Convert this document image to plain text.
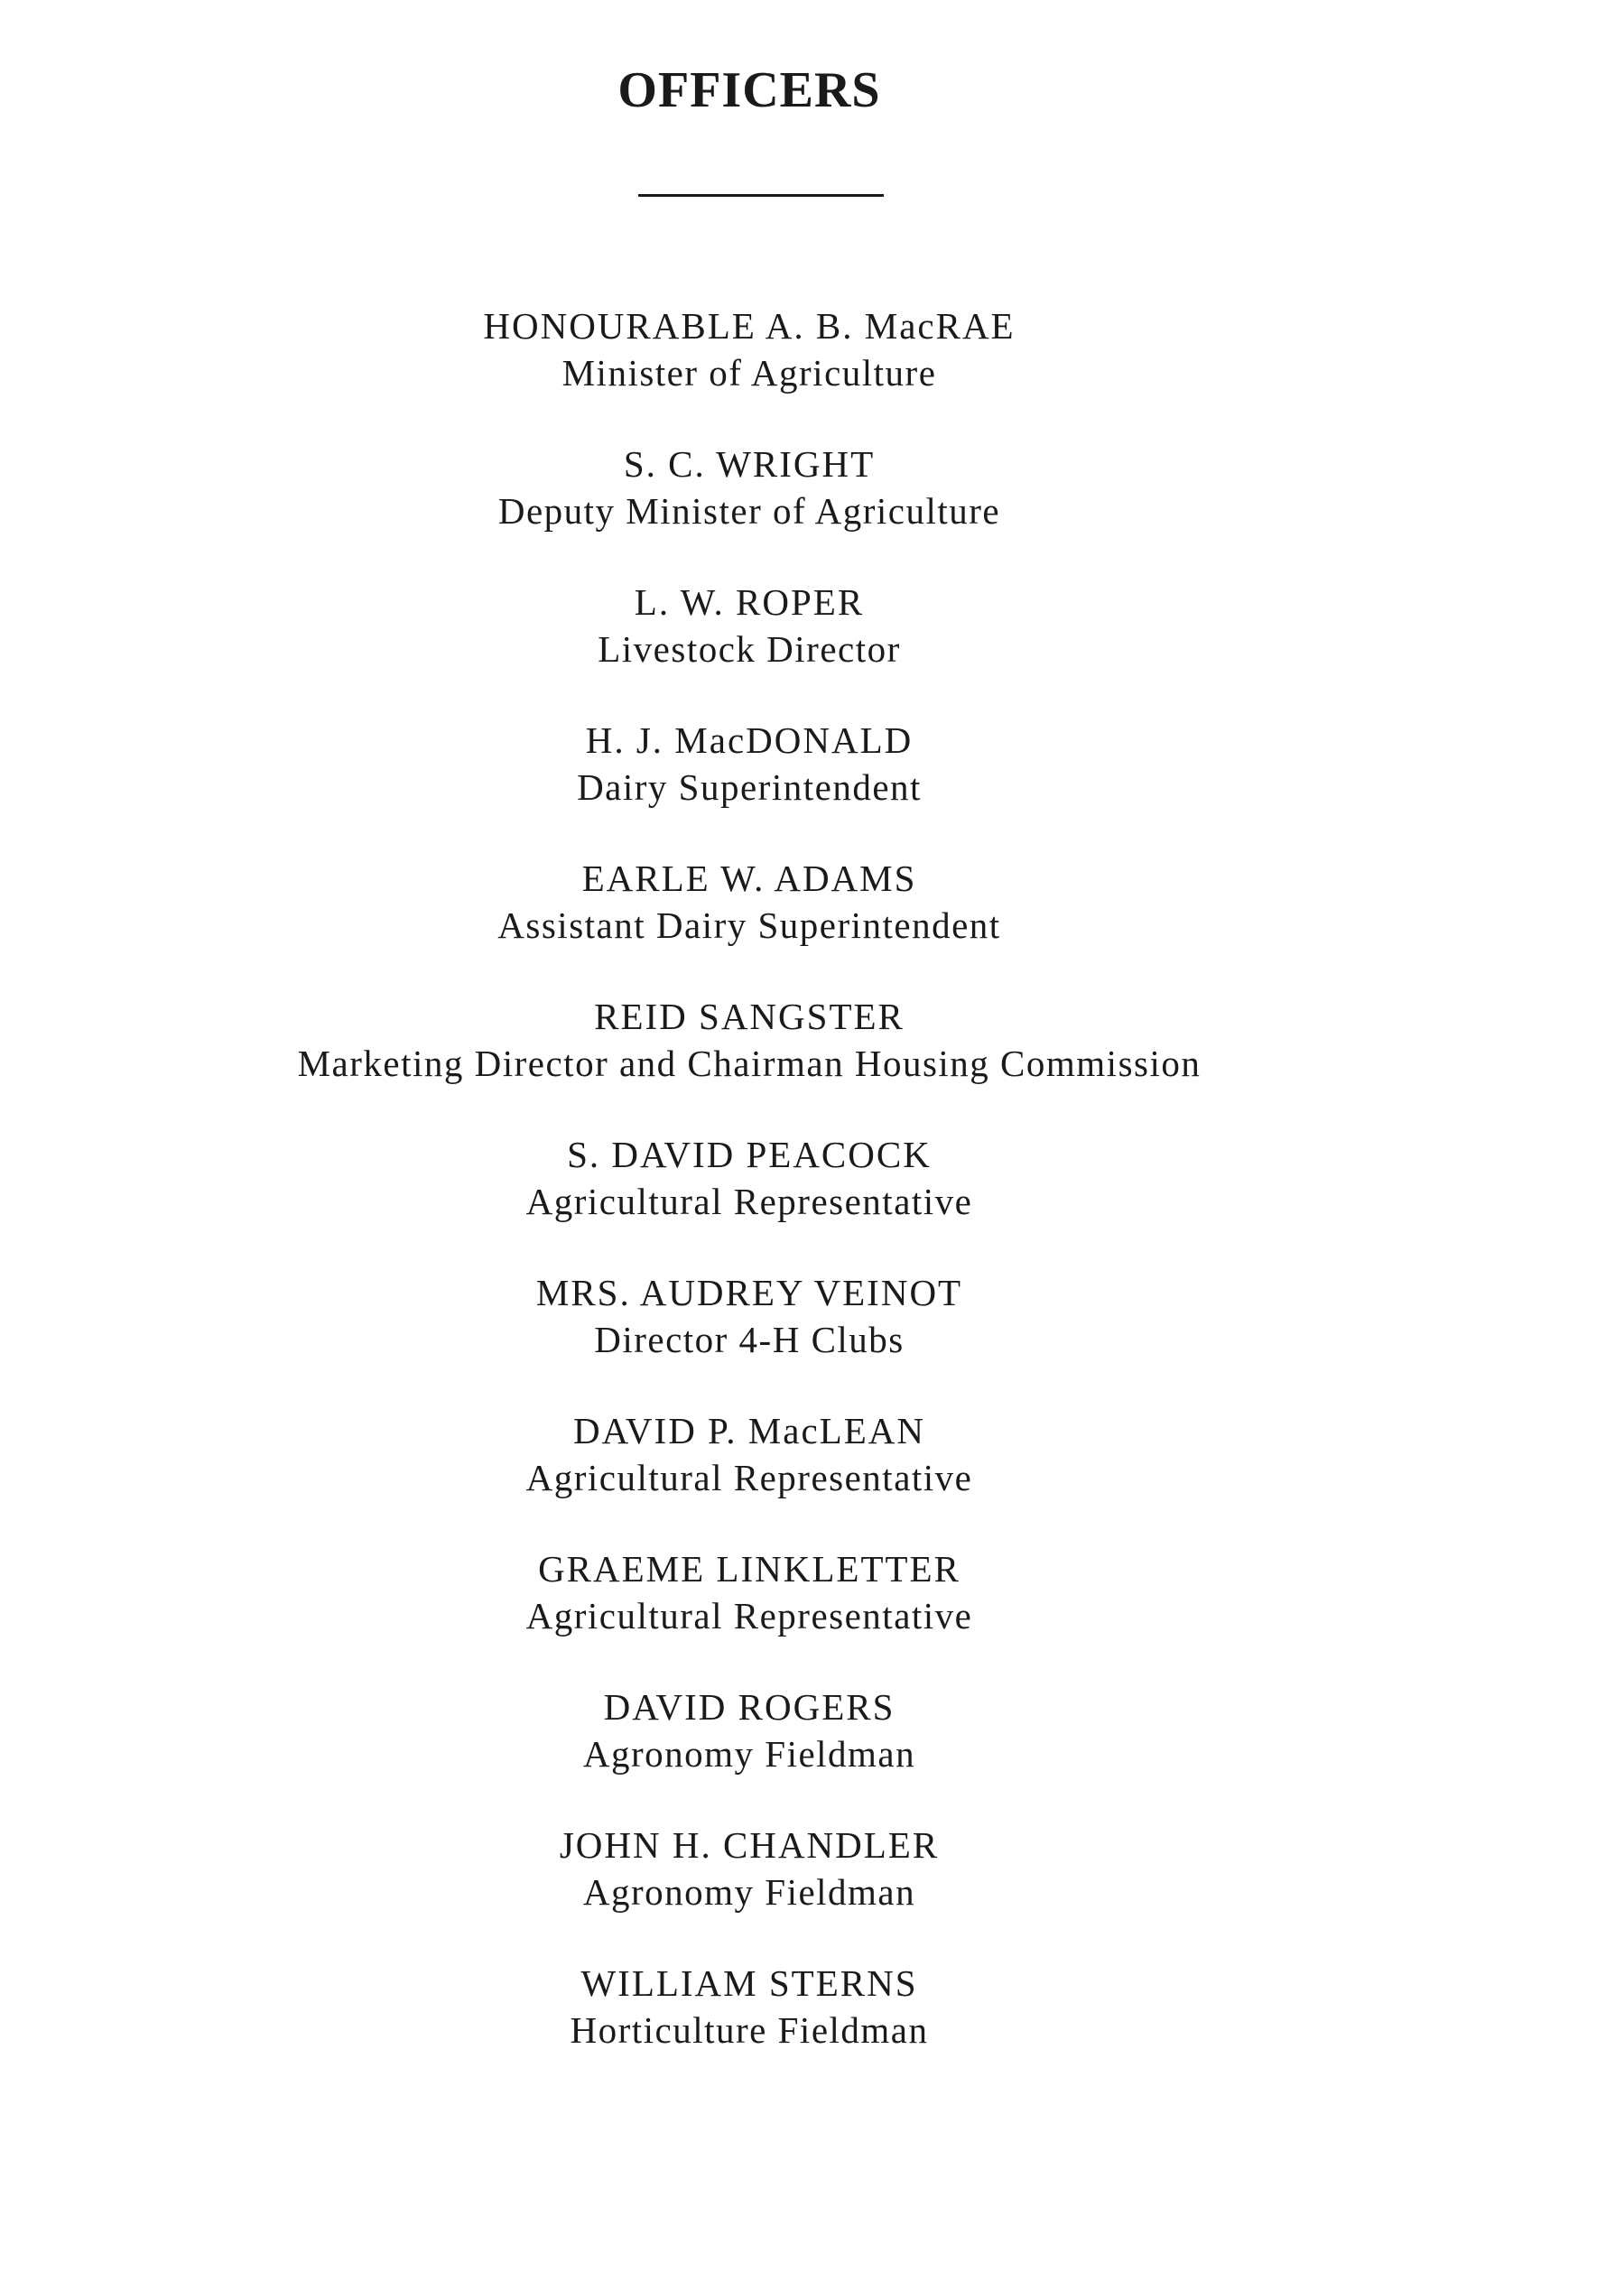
OFFICERS
HONOURABLE A. B. MacRAE
Minister of Agriculture
S. C. WRIGHT
Deputy Minister of Agriculture
L. W. ROPER
Livestock Director
H. J. MacDONALD
Dairy Superintendent
EARLE W. ADAMS
Assistant Dairy Superintendent
REID SANGSTER
Marketing Director and Chairman Housing Commission
S. DAVID PEACOCK
Agricultural Representative
MRS. AUDREY VEINOT
Director 4-H Clubs
DAVID P. MacLEAN
Agricultural Representative
GRAEME LINKLETTER
Agricultural Representative
DAVID ROGERS
Agronomy Fieldman
JOHN H. CHANDLER
Agronomy Fieldman
WILLIAM STERNS
Horticulture Fieldman
